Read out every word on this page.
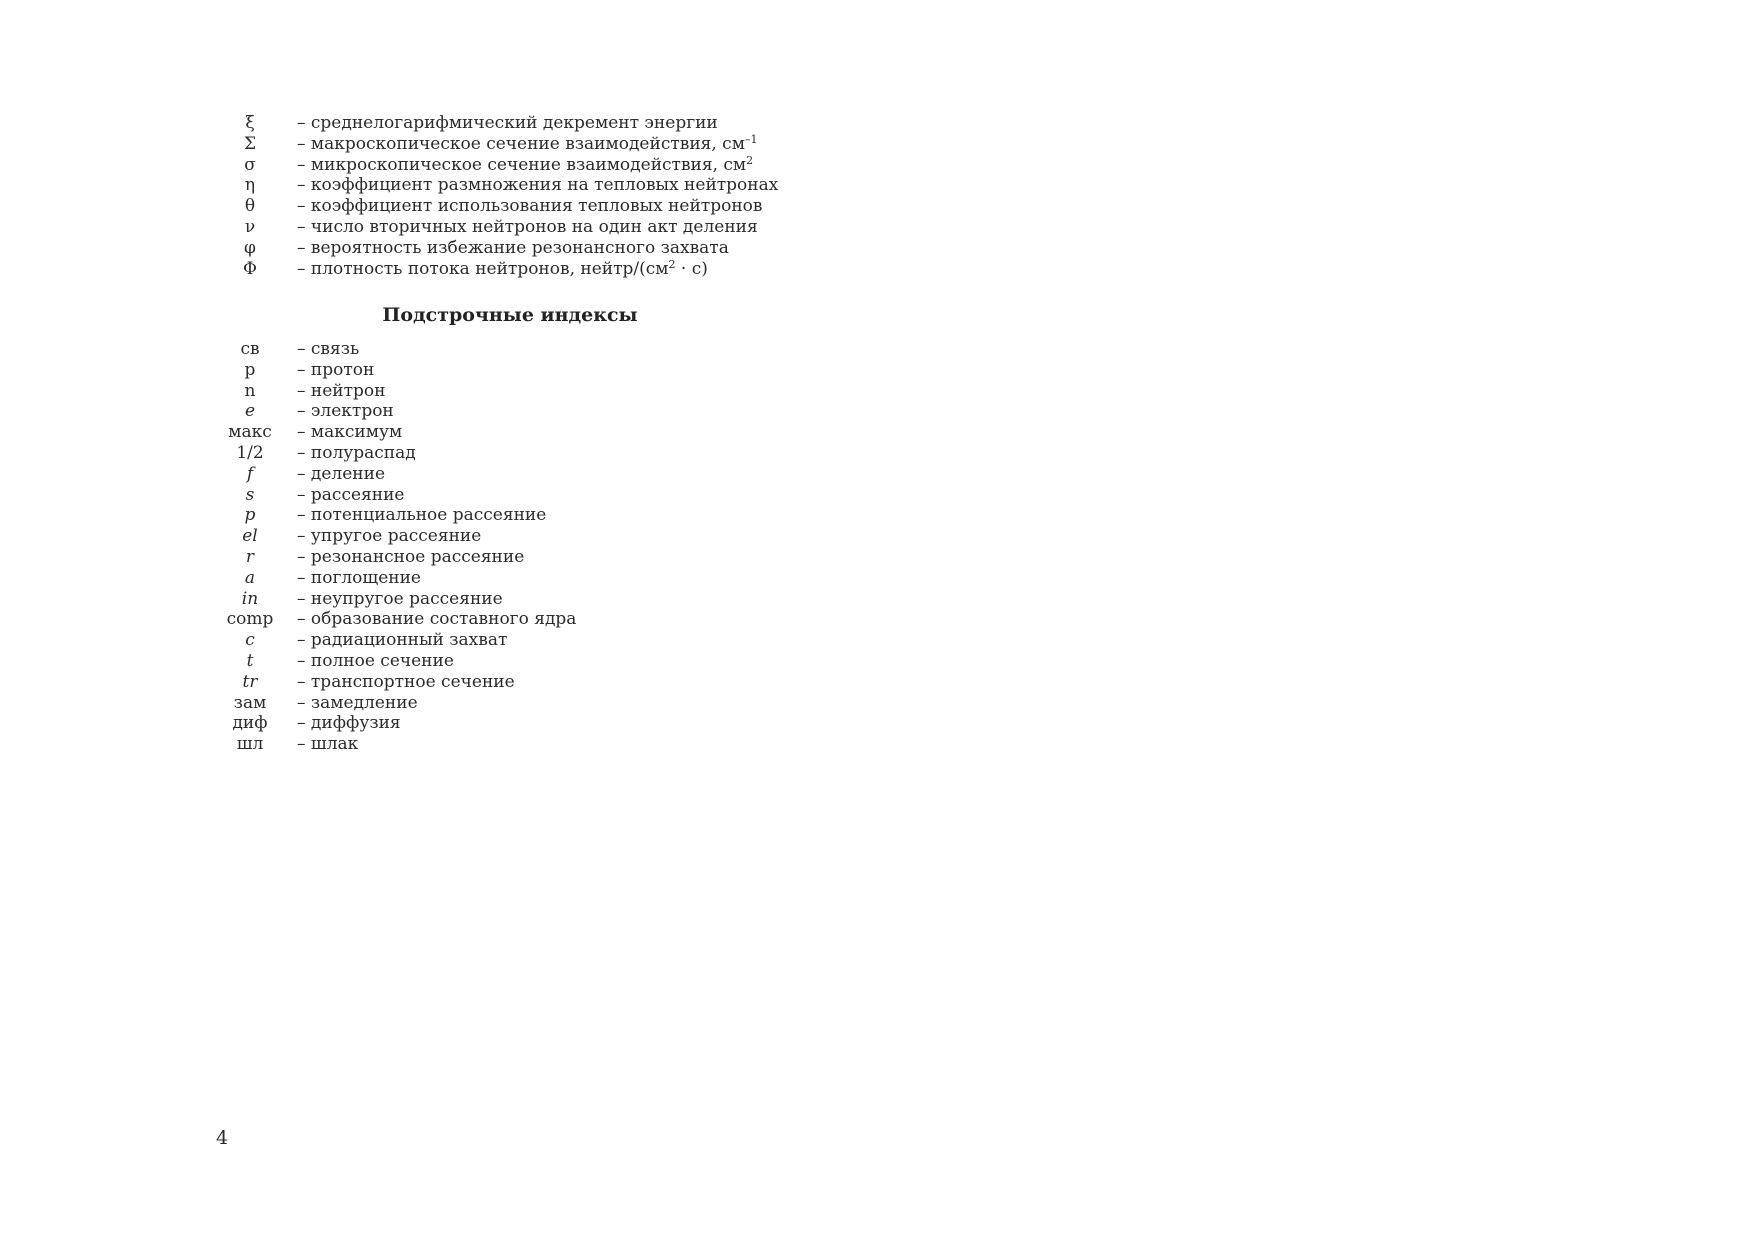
ξ	– среднелогарифмический декремент энергии
Σ	– макроскопическое сечение взаимодействия, $см^{-1}$
σ	– микроскопическое сечение взаимодействия, $см^2$
η	– коэффициент размножения на тепловых нейтронах
θ	– коэффициент использования тепловых нейтронов
ν	– число вторичных нейтронов на один акт деления
φ	– вероятность избежание резонансного захвата
Φ	– плотность потока нейтронов, нейтр/$(см^2 \cdot с)$
Подстрочные индексы
св	– связь
p	– протон
n	– нейтрон
e	– электрон
макс	– максимум
1/2	– полураспад
f	– деление
s	– рассеяние
p	– потенциальное рассеяние
el	– упругое рассеяние
r	– резонансное рассеяние
a	– поглощение
in	– неупругое рассеяние
comp	– образование составного ядра
c	– радиационный захват
t	– полное сечение
tr	– транспортное сечение
зам	– замедление
диф	– диффузия
шл	– шлак
4
